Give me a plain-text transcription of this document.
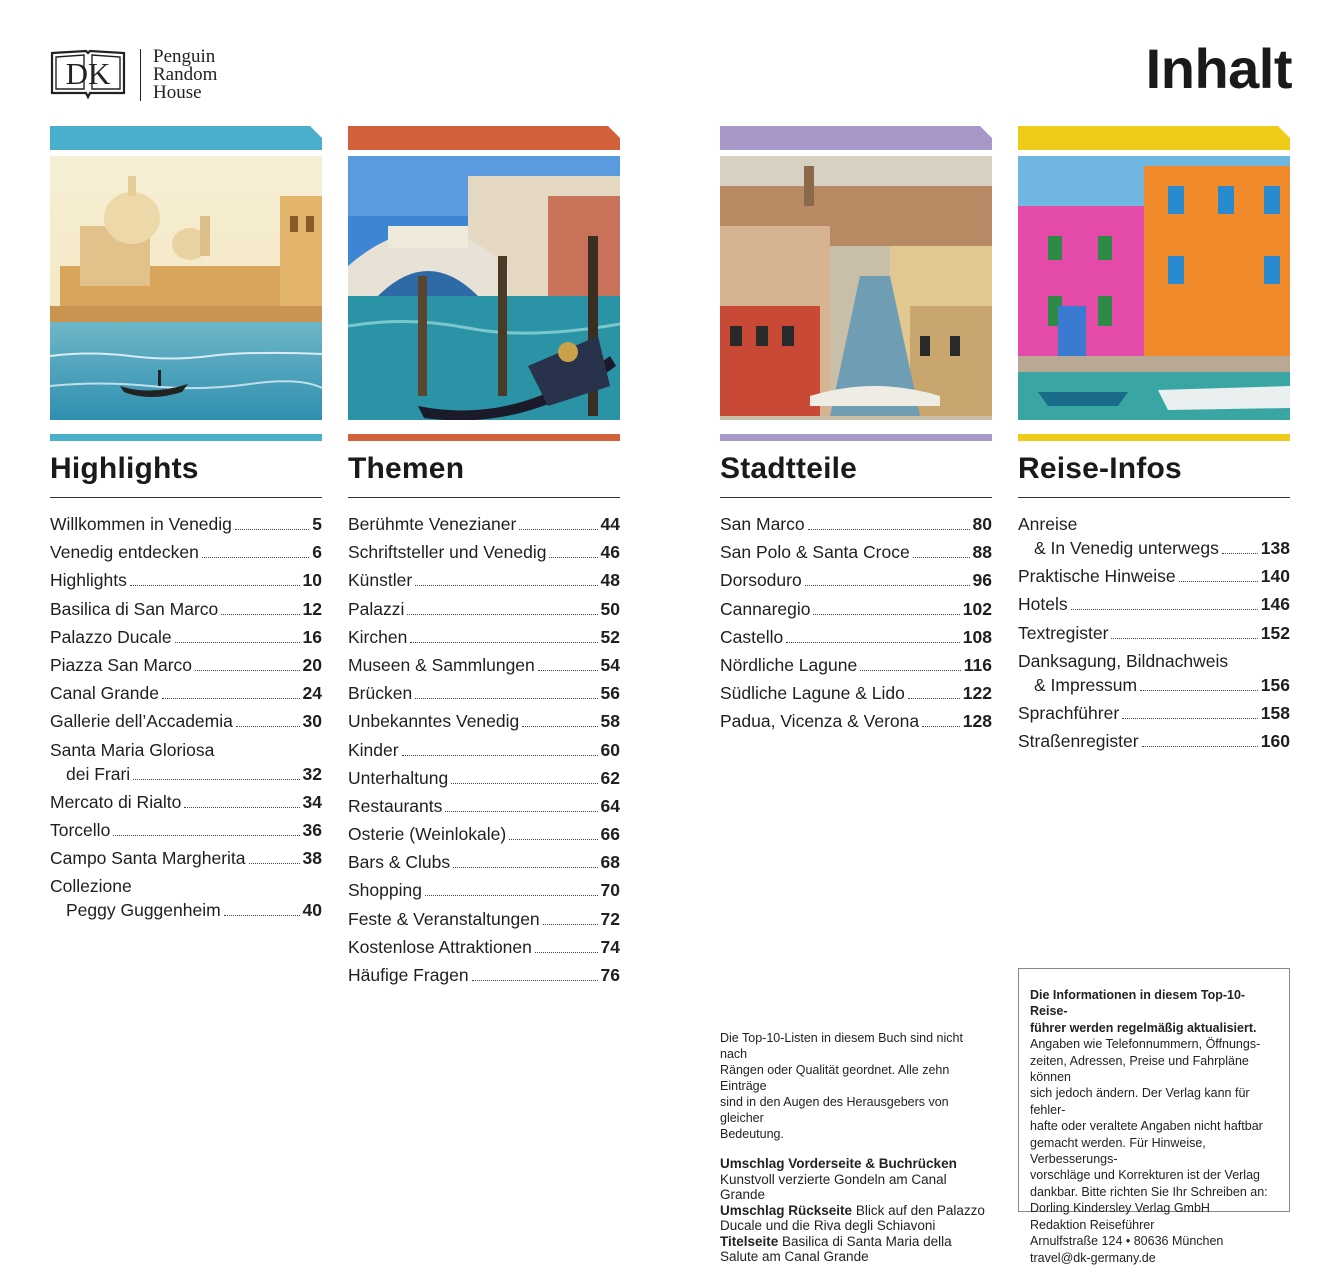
DK Penguin
Random
House	Inhalt
Highlights
Willkommen in Venedig	5
Venedig entdecken	6
Highlights	10
Basilica di San Marco	12
Palazzo Ducale	16
Piazza San Marco	20
Canal Grande	24
Gallerie dell’Accademia	30
Santa Maria Gloriosa
dei Frari	32
Mercato di Rialto	34
Torcello	36
Campo Santa Margherita	38
Collezione
Peggy Guggenheim	40
Themen
Berühmte Venezianer	44
Schriftsteller und Venedig	46
Künstler	48
Palazzi	50
Kirchen	52
Museen & Sammlungen	54
Brücken	56
Unbekanntes Venedig	58
Kinder	60
Unterhaltung	62
Restaurants	64
Osterie (Weinlokale)	66
Bars & Clubs	68
Shopping	70
Feste & Veranstaltungen	72
Kostenlose Attraktionen	74
Häufige Fragen	76
Stadtteile
San Marco	80
San Polo & Santa Croce	88
Dorsoduro	96
Cannaregio	102
Castello	108
Nördliche Lagune	116
Südliche Lagune & Lido	122
Padua, Vicenza & Verona 128
Reise-Infos
Anreise
& In Venedig unterwegs 138
Praktische Hinweise	140
Hotels	146
Textregister	152
Danksagung, Bildnachweis
& Impressum	156
Sprachführer	158
Straßenregister	160

Die Top-10-Listen in diesem Buch sind nicht nach
Rängen oder Qualität geordnet. Alle zehn Einträge
sind in den Augen des Herausgebers von gleicher
Bedeutung.

Umschlag Vorderseite & Buchrücken
Kunstvoll verzierte Gondeln am Canal Grande
Umschlag Rückseite Blick auf den Palazzo Ducale und die Riva degli Schiavoni
Titelseite Basilica di Santa Maria della Salute am Canal Grande
Die Informationen in diesem Top-10-Reise-
führer werden regelmäßig aktualisiert.
Angaben wie Telefonnummern, Öffnungs-
zeiten, Adressen, Preise und Fahrpläne können
sich jedoch ändern. Der Verlag kann für fehler-
hafte oder veraltete Angaben nicht haftbar
gemacht werden. Für Hinweise, Verbesserungs-
vorschläge und Korrekturen ist der Verlag
dankbar. Bitte richten Sie Ihr Schreiben an:
Dorling Kindersley Verlag GmbH
Redaktion Reiseführer
Arnulfstraße 124 • 80636 München
travel@dk-germany.de
